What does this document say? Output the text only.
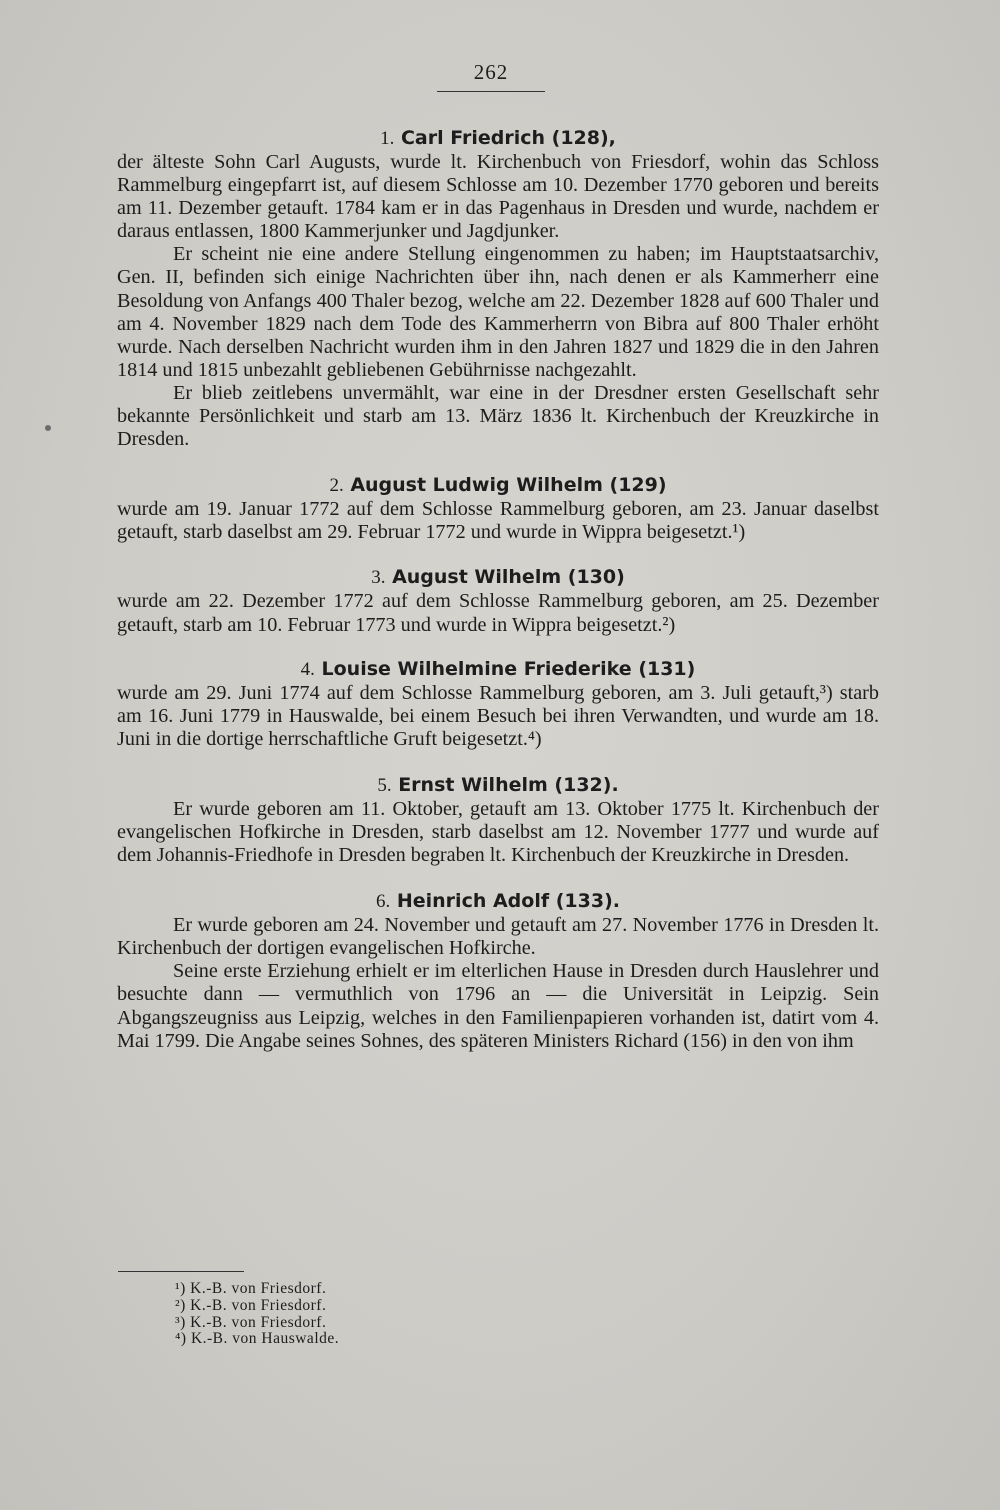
262
1. Carl Friedrich (128),

der älteste Sohn Carl Augusts, wurde lt. Kirchenbuch von Friesdorf, wohin das Schloss Rammelburg eingepfarrt ist, auf diesem Schlosse am 10. Dezember 1770 geboren und bereits am 11. Dezember getauft. 1784 kam er in das Pagenhaus in Dresden und wurde, nachdem er daraus entlassen, 1800 Kammerjunker und Jagdjunker.

Er scheint nie eine andere Stellung eingenommen zu haben; im Hauptstaatsarchiv, Gen. II, befinden sich einige Nachrichten über ihn, nach denen er als Kammerherr eine Besoldung von Anfangs 400 Thaler bezog, welche am 22. Dezember 1828 auf 600 Thaler und am 4. November 1829 nach dem Tode des Kammerherrn von Bibra auf 800 Thaler erhöht wurde. Nach derselben Nachricht wurden ihm in den Jahren 1827 und 1829 die in den Jahren 1814 und 1815 unbezahlt gebliebenen Gebührnisse nachgezahlt.

Er blieb zeitlebens unvermählt, war eine in der Dresdner ersten Gesellschaft sehr bekannte Persönlichkeit und starb am 13. März 1836 lt. Kirchenbuch der Kreuzkirche in Dresden.

2. August Ludwig Wilhelm (129)

wurde am 19. Januar 1772 auf dem Schlosse Rammelburg geboren, am 23. Januar daselbst getauft, starb daselbst am 29. Februar 1772 und wurde in Wippra beigesetzt.¹)

3. August Wilhelm (130)

wurde am 22. Dezember 1772 auf dem Schlosse Rammelburg geboren, am 25. Dezember getauft, starb am 10. Februar 1773 und wurde in Wippra beigesetzt.²)

4. Louise Wilhelmine Friederike (131)

wurde am 29. Juni 1774 auf dem Schlosse Rammelburg geboren, am 3. Juli getauft,³) starb am 16. Juni 1779 in Hauswalde, bei einem Besuch bei ihren Verwandten, und wurde am 18. Juni in die dortige herrschaftliche Gruft beigesetzt.⁴)

5. Ernst Wilhelm (132).

Er wurde geboren am 11. Oktober, getauft am 13. Oktober 1775 lt. Kirchenbuch der evangelischen Hofkirche in Dresden, starb daselbst am 12. November 1777 und wurde auf dem Johannis-Friedhofe in Dresden begraben lt. Kirchenbuch der Kreuzkirche in Dresden.

6. Heinrich Adolf (133).

Er wurde geboren am 24. November und getauft am 27. November 1776 in Dresden lt. Kirchenbuch der dortigen evangelischen Hofkirche.

Seine erste Erziehung erhielt er im elterlichen Hause in Dresden durch Hauslehrer und besuchte dann — vermuthlich von 1796 an — die Universität in Leipzig. Sein Abgangszeugniss aus Leipzig, welches in den Familienpapieren vorhanden ist, datirt vom 4. Mai 1799. Die Angabe seines Sohnes, des späteren Ministers Richard (156) in den von ihm

¹) K.-B. von Friesdorf.
²) K.-B. von Friesdorf.
³) K.-B. von Friesdorf.
⁴) K.-B. von Hauswalde.
